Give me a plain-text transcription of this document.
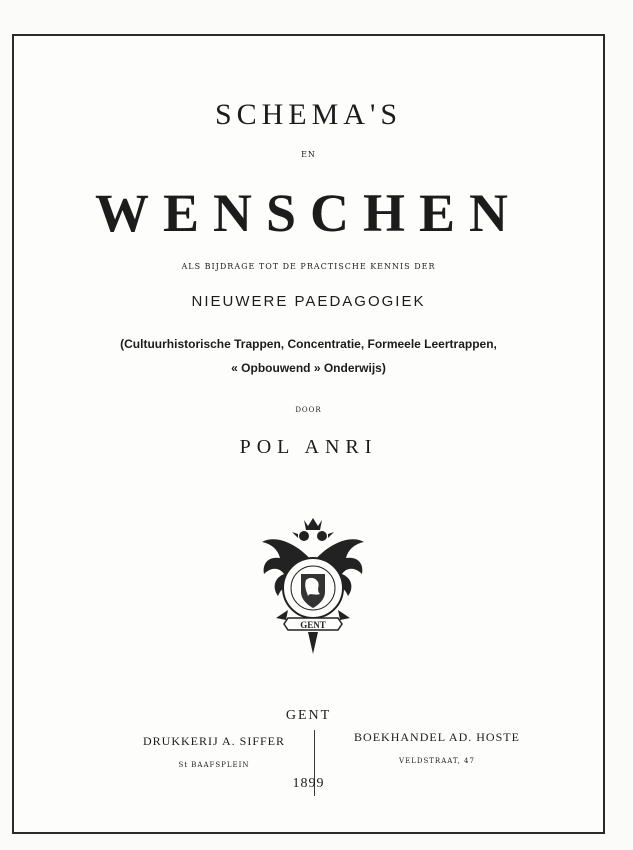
SCHEMA'S
EN
WENSCHEN
ALS BIJDRAGE TOT DE PRACTISCHE KENNIS DER
NIEUWERE PAEDAGOGIEK
(Cultuurhistorische Trappen, Concentratie, Formeele Leertrappen,
« Opbouwend » Onderwijs)
DOOR
POL ANRI
GENT
GENT
DRUKKERIJ A. SIFFER
St BAAFSPLEIN
BOEKHANDEL AD. HOSTE
VELDSTRAAT, 47
1899
